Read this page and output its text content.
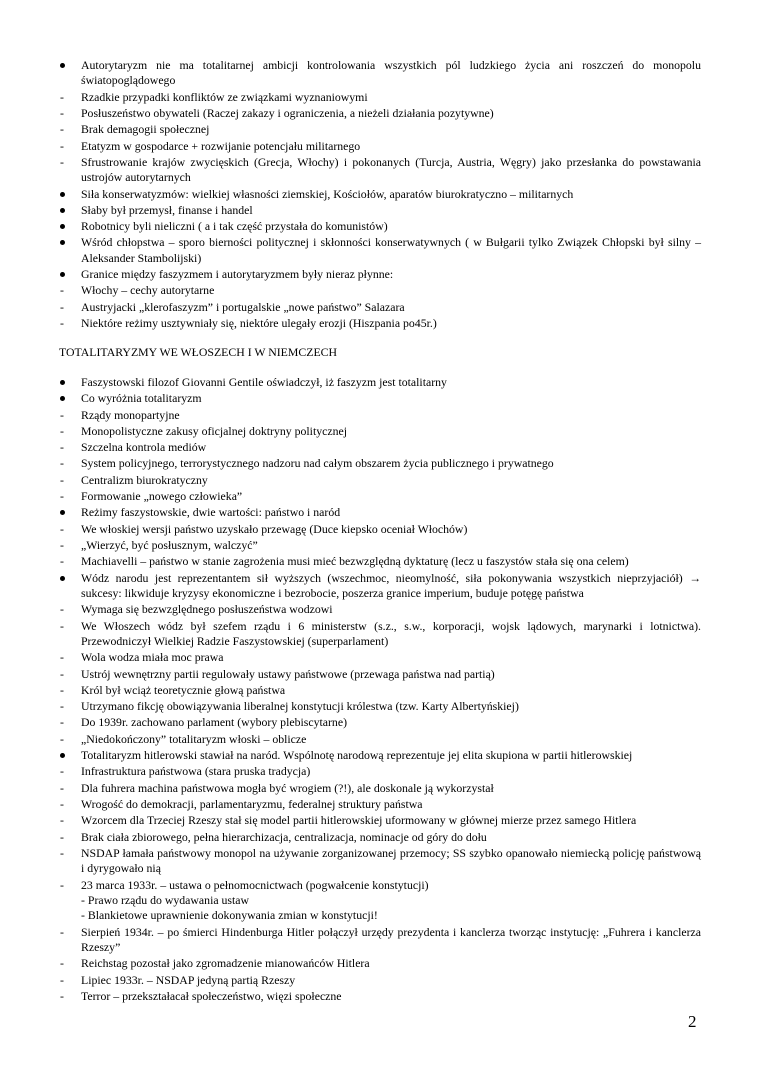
Autorytaryzm nie ma totalitarnej ambicji kontrolowania wszystkich pól ludzkiego życia ani roszczeń do monopolu światopoglądowego
Rzadkie przypadki konfliktów ze związkami wyznaniowymi
Posłuszeństwo obywateli (Raczej zakazy i ograniczenia, a nieżeli działania pozytywne)
Brak demagogii społecznej
Etatyzm w gospodarce + rozwijanie potencjału militarnego
Sfrustrowanie krajów zwycięskich (Grecja, Włochy) i pokonanych (Turcja, Austria, Węgry) jako przesłanka do powstawania ustrojów autorytarnych
Siła konserwatyzmów: wielkiej własności ziemskiej, Kościołów, aparatów biurokratyczno – militarnych
Słaby był przemysł, finanse i handel
Robotnicy byli nieliczni ( a i tak część przystała do komunistów)
Wśród chłopstwa – sporo bierności politycznej i skłonności konserwatywnych ( w Bułgarii tylko Związek Chłopski był silny – Aleksander Stambolijski)
Granice między faszyzmem i autorytaryzmem były nieraz płynne:
Włochy – cechy autorytarne
Austryjacki „klerofaszyzm” i portugalskie „nowe państwo” Salazara
Niektóre reżimy usztywniały się, niektóre ulegały erozji (Hiszpania po45r.)
TOTALITARYZMY WE WŁOSZECH I W NIEMCZECH
Faszystowski filozof Giovanni Gentile oświadczył, iż faszyzm jest totalitarny
Co wyróżnia totalitaryzm
Rządy monopartyjne
Monopolistyczne zakusy oficjalnej doktryny politycznej
Szczelna kontrola mediów
System policyjnego, terrorystycznego nadzoru nad całym obszarem życia publicznego i prywatnego
Centralizm biurokratyczny
Formowanie „nowego człowieka”
Reżimy faszystowskie, dwie wartości: państwo i naród
We włoskiej wersji państwo uzyskało przewagę (Duce kiepsko oceniał Włochów)
„Wierzyć, być posłusznym, walczyć”
Machiavelli – państwo w stanie zagrożenia musi mieć bezwzględną dyktaturę (lecz u faszystów stała się ona celem)
Wódz narodu jest reprezentantem sił wyższych (wszechmoc, nieomylność, siła pokonywania wszystkich nieprzyjaciół) → sukcesy: likwiduje kryzysy ekonomiczne i bezrobocie, poszerza granice imperium, buduje potęgę państwa
Wymaga się bezwzględnego posłuszeństwa wodzowi
We Włoszech wódz był szefem rządu i 6 ministerstw (s.z., s.w., korporacji, wojsk lądowych, marynarki i lotnictwa). Przewodniczył Wielkiej Radzie Faszystowskiej (superparlament)
Wola wodza miała moc prawa
Ustrój wewnętrzny partii regulowały ustawy państwowe (przewaga państwa nad partią)
Król był wciąż teoretycznie głową państwa
Utrzymano fikcję obowiązywania liberalnej konstytucji królestwa (tzw. Karty Albertyńskiej)
Do 1939r. zachowano parlament (wybory plebiscytarne)
„Niedokończony” totalitaryzm włoski – oblicze
Totalitaryzm hitlerowski stawiał na naród. Wspólnotę narodową reprezentuje jej elita skupiona w partii hitlerowskiej
Infrastruktura państwowa (stara pruska tradycja)
Dla fuhrera machina państwowa mogła być wrogiem (?!), ale doskonale ją wykorzystał
Wrogość do demokracji, parlamentaryzmu, federalnej struktury państwa
Wzorcem dla Trzeciej Rzeszy stał się model partii hitlerowskiej uformowany w głównej mierze przez samego Hitlera
Brak ciała zbiorowego, pełna hierarchizacja, centralizacja, nominacje od góry do dołu
NSDAP łamała państwowy monopol na używanie zorganizowanej przemocy; SS szybko opanowało niemiecką policję państwową i dyrygowało nią
23 marca 1933r. – ustawa o pełnomocnictwach (pogwałcenie konstytucji)
- Prawo rządu do wydawania ustaw
- Blankietowe uprawnienie dokonywania zmian w konstytucji!
Sierpień 1934r. – po śmierci Hindenburga Hitler połączył urzędy prezydenta i kanclerza tworząc instytucję: „Fuhrera i kanclerza Rzeszy”
Reichstag pozostał jako zgromadzenie mianowańców Hitlera
Lipiec 1933r. – NSDAP jedyną partią Rzeszy
Terror – przekształacał społeczeństwo, więzi społeczne
2
